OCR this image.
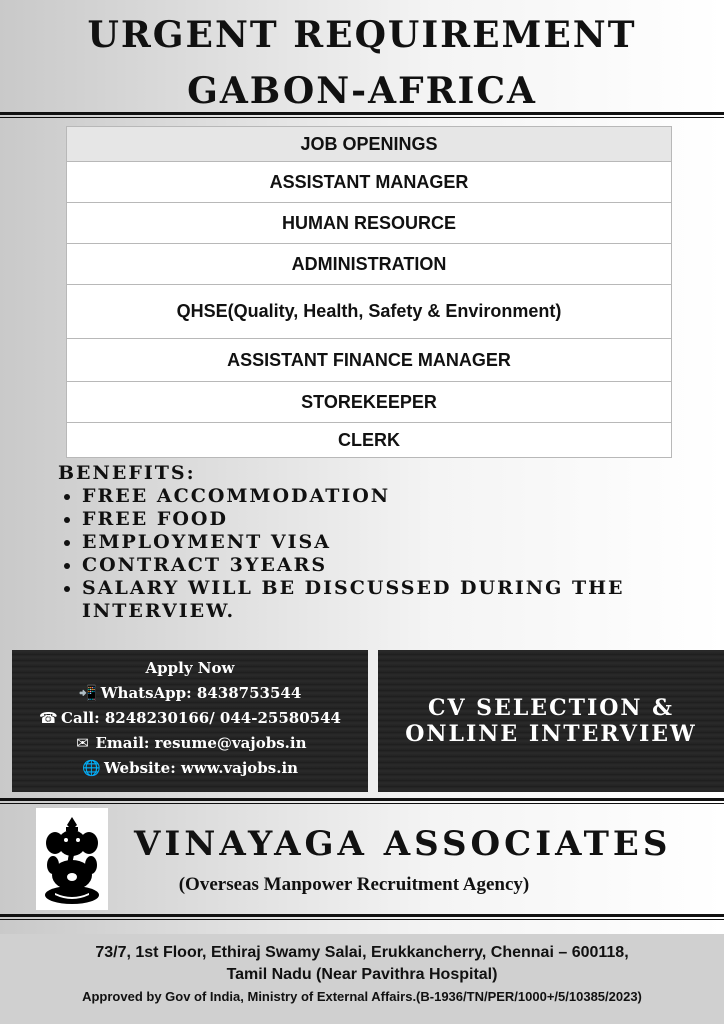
URGENT REQUIREMENT
GABON-AFRICA
JOB OPENINGS
ASSISTANT MANAGER
HUMAN RESOURCE
ADMINISTRATION
QHSE(Quality, Health, Safety & Environment)
ASSISTANT FINANCE MANAGER
STOREKEEPER
CLERK
BENEFITS:
• FREE ACCOMMODATION
• FREE FOOD
• EMPLOYMENT VISA
• CONTRACT 3YEARS
• SALARY WILL BE DISCUSSED DURING THE INTERVIEW.
Apply Now
📲 WhatsApp: 8438753544
☎ Call: 8248230166/ 044-25580544
✉ Email: resume@vajobs.in
🌐 Website: www.vajobs.in
CV SELECTION &
ONLINE INTERVIEW
VINAYAGA ASSOCIATES
(Overseas Manpower Recruitment Agency)
73/7, 1st Floor, Ethiraj Swamy Salai, Erukkancherry, Chennai – 600118,
Tamil Nadu (Near Pavithra Hospital)
Approved by Gov of India, Ministry of External Affairs.(B-1936/TN/PER/1000+/5/10385/2023)
